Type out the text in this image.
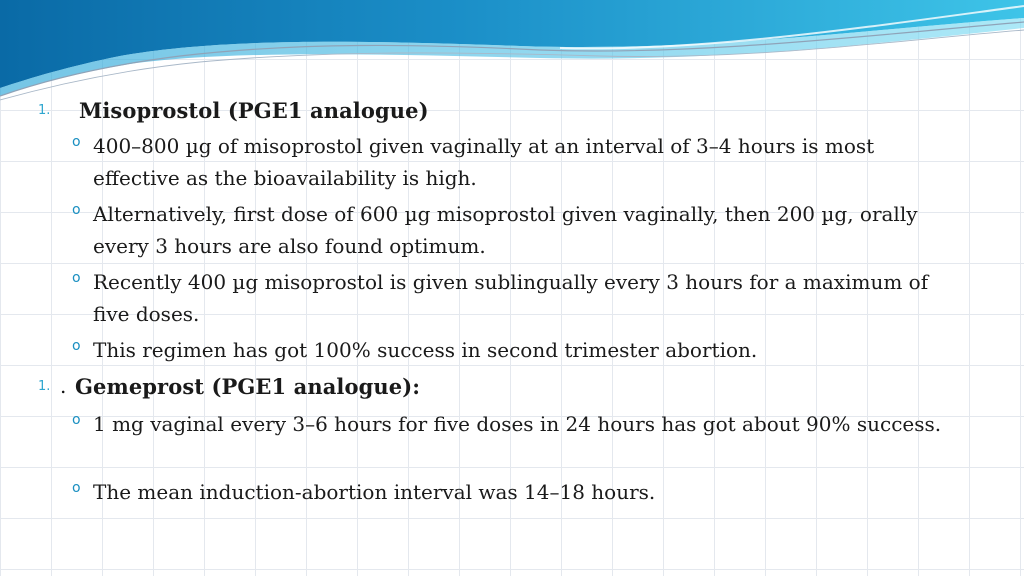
1. Misoprostol (PGE1 analogue)
o 400–800 µg of misoprostol given vaginally at an interval of 3–4 hours is most effective as the bioavailability is high.
o Alternatively, first dose of 600 µg misoprostol given vaginally, then 200 µg, orally every 3 hours are also found optimum.
o Recently 400 µg misoprostol is given sublingually every 3 hours for a maximum of five doses.
o This regimen has got 100% success in second trimester abortion.
1. . Gemeprost (PGE1 analogue):
o 1 mg vaginal every 3–6 hours for five doses in 24 hours has got about 90% success.
o The mean induction-abortion interval was 14–18 hours.
